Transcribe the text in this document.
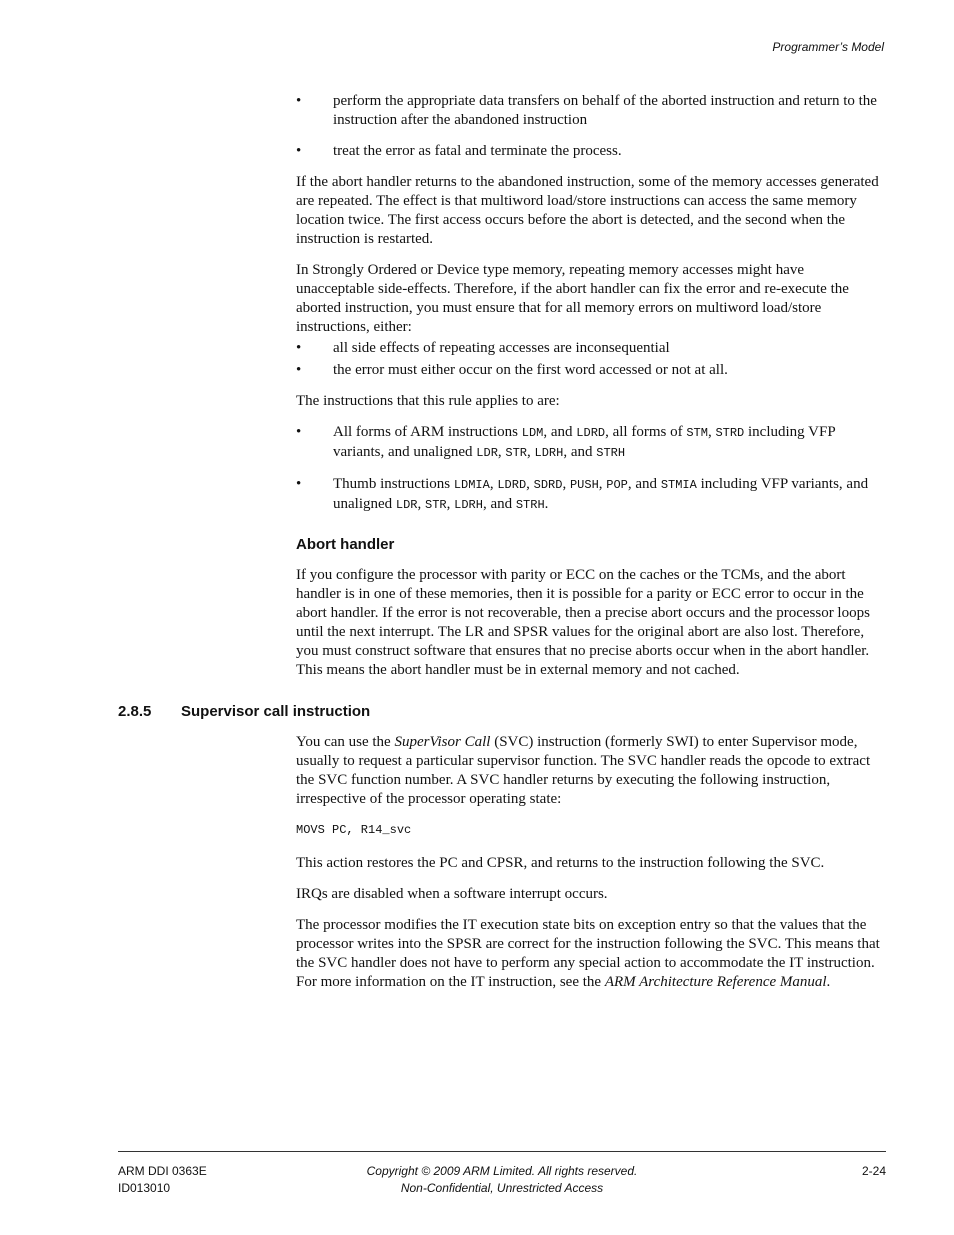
Programmer’s Model
• perform the appropriate data transfers on behalf of the aborted instruction and return to the instruction after the abandoned instruction
• treat the error as fatal and terminate the process.

If the abort handler returns to the abandoned instruction, some of the memory accesses generated are repeated. The effect is that multiword load/store instructions can access the same memory location twice. The first access occurs before the abort is detected, and the second when the instruction is restarted.

In Strongly Ordered or Device type memory, repeating memory accesses might have unacceptable side-effects. Therefore, if the abort handler can fix the error and re-execute the aborted instruction, you must ensure that for all memory errors on multiword load/store instructions, either:

• all side effects of repeating accesses are inconsequential
• the error must either occur on the first word accessed or not at all.

The instructions that this rule applies to are:

• All forms of ARM instructions LDM, and LDRD, all forms of STM, STRD including VFP variants, and unaligned LDR, STR, LDRH, and STRH
• Thumb instructions LDMIA, LDRD, SDRD, PUSH, POP, and STMIA including VFP variants, and unaligned LDR, STR, LDRH, and STRH.
Abort handler

If you configure the processor with parity or ECC on the caches or the TCMs, and the abort handler is in one of these memories, then it is possible for a parity or ECC error to occur in the abort handler. If the error is not recoverable, then a precise abort occurs and the processor loops until the next interrupt. The LR and SPSR values for the original abort are also lost. Therefore, you must construct software that ensures that no precise aborts occur when in the abort handler. This means the abort handler must be in external memory and not cached.

2.8.5 Supervisor call instruction

You can use the SuperVisor Call (SVC) instruction (formerly SWI) to enter Supervisor mode, usually to request a particular supervisor function. The SVC handler reads the opcode to extract the SVC function number. A SVC handler returns by executing the following instruction, irrespective of the processor operating state:

MOVS PC, R14_svc

This action restores the PC and CPSR, and returns to the instruction following the SVC.

IRQs are disabled when a software interrupt occurs.

The processor modifies the IT execution state bits on exception entry so that the values that the processor writes into the SPSR are correct for the instruction following the SVC. This means that the SVC handler does not have to perform any special action to accommodate the IT instruction. For more information on the IT instruction, see the ARM Architecture Reference Manual.

ARM DDI 0363E
ID013010
Copyright © 2009 ARM Limited. All rights reserved.
Non-Confidential, Unrestricted Access
2-24
